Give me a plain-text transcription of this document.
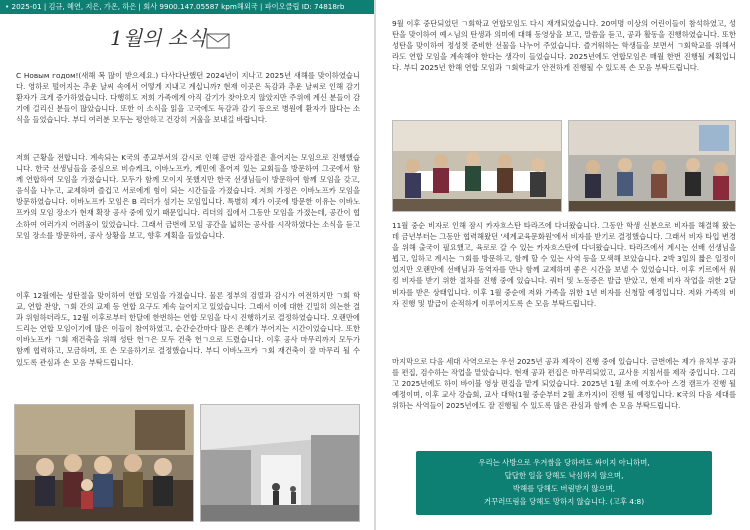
• 2025-01 | 김규, 혜연, 지은, 가온, 하은 | 회사 9900.147.05587 kpm해외국 | 파이오클립 ID: 74818rb
1월의 소식

С Новым годом!(새해 복 많이 받으세요.) 다사다난했던 2024년이 지나고 2025년 새해를 맞이하였습니다. 영하로 떨어지는 추운 날씨 속에서 어떻게 지내고 계십니까? 현재 이곳은 독감과 추운 날씨로 인해 감기 환자가 크게 증가하였습니다. 다행히도 저희 가족에게 아직 감기가 찾아오지 않았지만 주위에 계신 분들이 감기에 걸리신 분들이 많았습니다. 또한 이 소식을 읽을 고국에도 독감과 감기 등으로 병원에 환자가 많다는 소식을 들었습니다. 부디 여러분 모두는 평안하고 건강히 겨울을 보내길 바랍니다.

저희 근황을 전합니다. 계속되는 K국의 종교부서의 감시로 인해 금번 감사절은 흩어지는 모임으로 진행했습니다. 한국 선생님들을 중심으로 비슈케크, 이바노프카, 케민에 흩어져 있는 교회들을 방문하여 그곳에서 함께 연합하여 모임을 가졌습니다. 모두가 함께 모이지 못했지만 한국 선생님들이 방문하여 함께 모임을 갖고, 음식을 나누고, 교제하며 즐겁고 서로에게 힘이 되는 시간들을 가졌습니다. 저희 가정은 이바노프카 모임을 방문하였습니다. 이바노프카 모임은 B 리더가 섬기는 모임입니다. 특별히 제가 이곳에 방문한 이유는 이바노프카의 모임 장소가 현재 확장 공사 중에 있기 때문입니다. 리더의 집에서 그동안 모임을 가졌는데, 공간이 협소하여 여러가지 어려움이 있었습니다. 그래서 금번에 모임 공간을 넓히는 공사를 시작하였다는 소식을 듣고 모임 장소를 방문하여, 공사 상황을 보고, 향후 계획을 들었습니다.

이후 12월에는 성탄절을 맞이하여 연합 모임을 가졌습니다. 물론 정부의 검열과 감시가 여전하지만 ㄱ회 학교, 연합 찬양, ㄱ회 간의 교제 등 연합 요구도 계속 늘어지고 있었습니다. 그래서 이에 대한 긴밀히 의논한 결과 위험하더라도, 12월 이후로부터 한달에 한번하는 연합 모임을 다시 진행하기로 결정하였습니다. 오랜만에 드리는 연합 모임이기에 많은 이들이 참여하였고, 순간순간마다 많은 은혜가 부어지는 시간이었습니다. 또한 이바노프카 ㄱ회 재건축을 위해 성탄 헌ㄱ은 모두 건축 헌ㄱ으로 드렸습니다. 이후 공사 마무리까지 모두가 함께 협력하고, 모금하며, 또 손 모음하기로 결정했습니다. 부디 이바노프카 ㄱ회 재건축이 잘 마무리 될 수 있도록 관심과 손 모음 부탁드립니다.

9월 이후 중단되었던 ㄱ회학교 연합모임도 다시 재개되었습니다. 20여명 이상의 어린이들이 참석하였고, 성탄을 맞이하여 예ㅅ님의 탄생과 의미에 대해 동영상을 보고, 말씀을 듣고, 공과 활동을 진행하였습니다. 또한 성탄을 맞이하여 정성껏 준비한 선물을 나누어 주었습니다. 즐거워하는 학생들을 보면서 ㄱ회학교를 위해서라도 연합 모임을 계속해야 한다는 생각이 들었습니다. 2025년에도 연합모임은 매월 한번 진행될 계획입니다. 부디 2025년 한해 연합 모임과 ㄱ회학교가 안전하게 진행될 수 있도록 손 모음 부탁드립니다.

11월 중순 비자로 인해 잠시 카자흐스탄 타라즈에 다녀왔습니다. 그동안 학생 신분으로 비자를 해결해 왔는데 금년부터는 그동안 협력해왔던 '세계교육문화원'에서 비자를 받기로 결정했습니다. 그래서 비자 타입 변경을 위해 출국이 필요했고, 육로로 갈 수 있는 카자흐스탄에 다녀왔습니다. 타라즈에서 계시는 선배 선생님을 뵙고, 일하고 계시는 ㄱ회를 방문하고, 함께 할 수 있는 사역 등을 모색해 보았습니다. 2박 3일의 짧은 일정이었지만 오랜만에 선배님과 동역자를 만나 함께 교제하며 좋은 시간을 보낼 수 있었습니다. 이후 키르에서 워킹 비자를 받기 위한 절차를 진행 중에 있습니다. 쿼터 및 노동증은 발급 받았고, 현재 비자 작업을 위한 2달 비자를 받은 상태입니다. 이후 1월 중순에 저와 가족을 위한 1년 비자를 신청할 예정입니다. 저와 가족의 비자 진행 및 발급이 순적하게 이루어지도록 손 모음 부탁드립니다.

마지막으로 다음 세대 사역으로는 우선 2025년 공과 제작이 진행 중에 있습니다. 금번에는 제가 유치부 공과를 편집, 검수하는 작업을 맡았습니다. 현재 공과 편집은 마무리되었고, 교사용 지침서를 제작 중입니다. 그리고 2025년에도 하이 바이블 영상 편집을 맡게 되었습니다. 2025년 1월 초에 여호수아 스경 캠프가 진행 될 예정이며, 이후 교사 강습회, 교사 대학(1월 중순부터 2월 초까지)이 진행 될 예정입니다. K국의 다음 세대를 위하는 사역들이 2025년에도 잘 진행될 수 있도록 많은 관심과 함께 손 모음 부탁드립니다.

우리는 사방으로 우겨쌈을 당하여도 싸이지 아니하며,

답답한 일을 당해도 낙심하지 않으며,

박해를 당해도 버림받지 않으며,

거꾸러뜨림을 당해도 망하지 않습니다. (고후 4:8)
